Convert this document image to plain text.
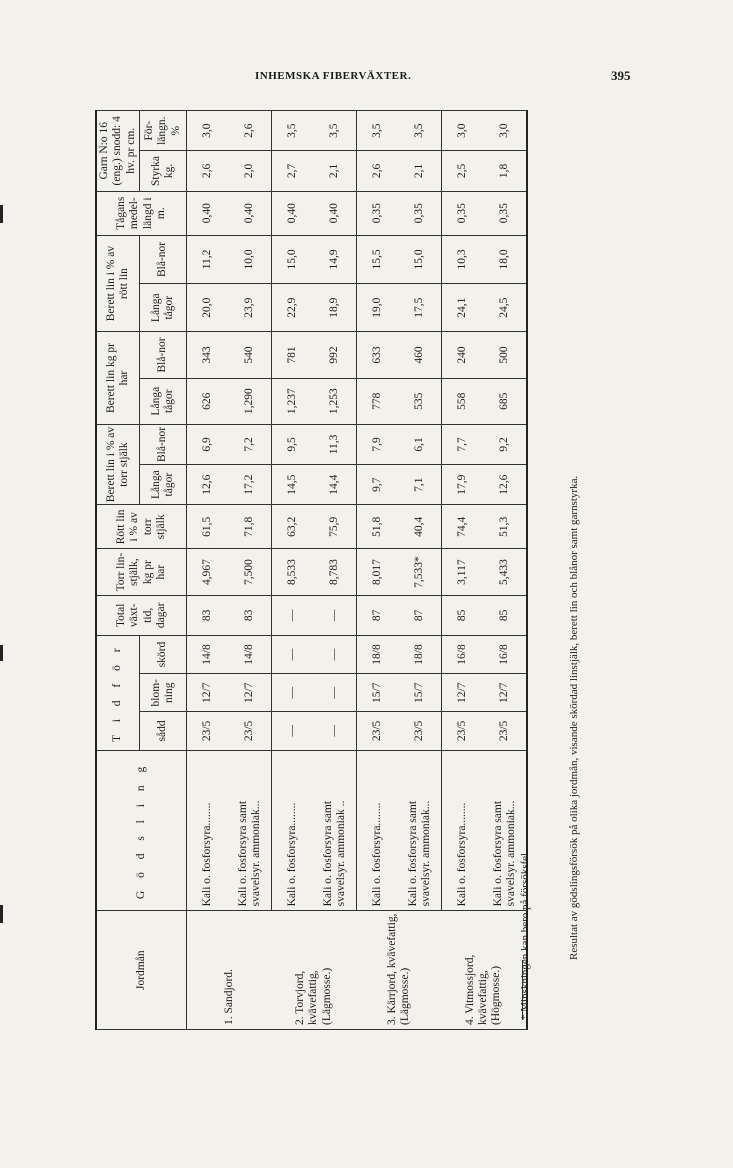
INHEMSKA FIBERVÄXTER.	395
Jordmån	G ö d s l i n g	T i d f ö r			Total växt-tid, dagar	Torr lin-stjälk, kg pr har	Rött lin i % av torr stjälk	Berett lin i % av torr stjälk		Berett lin kg pr har		Berett lin i % av rött lin		Tågans medel-längd i m.	Garn N:o 16 (eng.) snodd: 4 hv. pr cm.	
		sådd	blom-ning	skörd				Långa tågor	Blå-nor	Långa tågor	Blå-nor	Långa tågor	Blå-nor		Styrka kg.	För-längn. %
1. Sandjord.	Kali o. fosforsyra........	23/5	12/7	14/8	83	4,967	61,5	12,6	6,9	626	343	20,0	11,2	0,40	2,6	3,0
	Kali o. fosforsyra samt svavelsyr. ammoniak...	23/5	12/7	14/8	83	7,500	71,8	17,2	7,2	1,290	540	23,9	10,0	0,40	2,0	2,6
2. Torvjord, kvävefattig, (Lägmosse.)	Kali o. fosforsyra........	—	—	—	—	8,533	63,2	14,5	9,5	1,237	781	22,9	15,0	0,40	2,7	3,5
	Kali o. fosforsyra samt svavelsyr. ammoniak ..	—	—	—	—	8,783	75,9	14,4	11,3	1,253	992	18,9	14,9	0,40	2,1	3,5
3. Kärrjord, kvävefattig, (Lägmosse.)	Kali o. fosforsyra........	23/5	15/7	18/8	87	8,017	51,8	9,7	7,9	778	633	19,0	15,5	0,35	2,6	3,5
	Kali o. fosforsyra samt svavelsyr. ammoniak...	23/5	15/7	18/8	87	7,533*	40,4	7,1	6,1	535	460	17,5	15,0	0,35	2,1	3,5
4. Vitmossjord, kvävefattig, (Högmosse.)	Kali o. fosforsyra........	23/5	12/7	16/8	85	3,117	74,4	17,9	7,7	558	240	24,1	10,3	0,35	2,5	3,0
	Kali o. fosforsyra samt svavelsyr. ammoniak...	23/5	12/7	16/8	85	5,433	51,3	12,6	9,2	685	500	24,5	18,0	0,35	1,8	3,0
* Minskningen kan bero på försöksfel.	Resultat av gödslingsförsök på olika jordmån, visande skördad linstjälk, berett lin och blånor samt garnstyrka.
